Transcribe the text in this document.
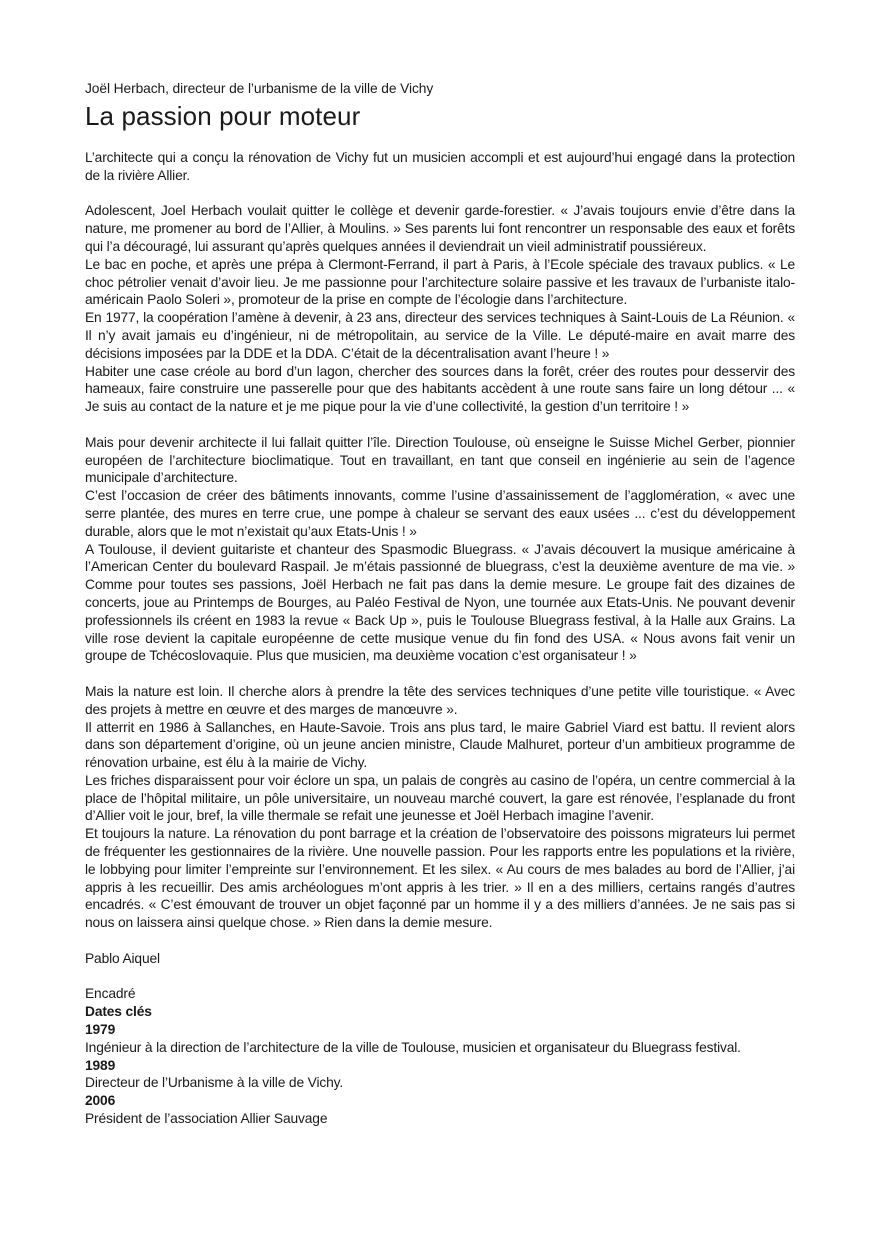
Joël Herbach, directeur de l’urbanisme de la ville de Vichy

La passion pour moteur

L’architecte qui a conçu la rénovation de Vichy fut un musicien accompli et est aujourd’hui engagé dans la protection de la rivière Allier.

Adolescent, Joel Herbach voulait quitter le collège et devenir garde-forestier. « J’avais toujours envie d’être dans la nature, me promener au bord de l’Allier, à Moulins. » Ses parents lui font rencontrer un responsable des eaux et forêts qui l’a découragé, lui assurant qu’après quelques années il deviendrait un vieil administratif poussiéreux.

Le bac en poche, et après une prépa à Clermont-Ferrand, il part à Paris, à l’Ecole spéciale des travaux publics. « Le choc pétrolier venait d’avoir lieu. Je me passionne pour l’architecture solaire passive et les travaux de l’urbaniste italo-américain Paolo Soleri », promoteur de la prise en compte de l’écologie dans l’architecture.

En 1977, la coopération l’amène à devenir, à 23 ans, directeur des services techniques à Saint-Louis de La Réunion. « Il n’y avait jamais eu d’ingénieur, ni de métropolitain, au service de la Ville. Le député-maire en avait marre des décisions imposées par la DDE et la DDA. C’était de la décentralisation avant l’heure ! »

Habiter une case créole au bord d’un lagon, chercher des sources dans la forêt, créer des routes pour desservir des hameaux, faire construire une passerelle pour que des habitants accèdent à une route sans faire un long détour ... « Je suis au contact de la nature et je me pique pour la vie d’une collectivité, la gestion d’un territoire ! »

Mais pour devenir architecte il lui fallait quitter l’île. Direction Toulouse, où enseigne le Suisse Michel Gerber, pionnier européen de l’architecture bioclimatique. Tout en travaillant, en tant que conseil en ingénierie au sein de l’agence municipale d’architecture.

C’est l’occasion de créer des bâtiments innovants, comme l’usine d’assainissement de l’agglomération, « avec une serre plantée, des mures en terre crue, une pompe à chaleur se servant des eaux usées ... c’est du développement durable, alors que le mot n’existait qu’aux Etats-Unis ! »

A Toulouse, il devient guitariste et chanteur des Spasmodic Bluegrass. « J’avais découvert la musique américaine à l’American Center du boulevard Raspail. Je m’étais passionné de bluegrass, c’est la deuxième aventure de ma vie. » Comme pour toutes ses passions, Joël Herbach ne fait pas dans la demie mesure. Le groupe fait des dizaines de concerts, joue au Printemps de Bourges, au Paléo Festival de Nyon, une tournée aux Etats-Unis. Ne pouvant devenir professionnels ils créent en 1983 la revue « Back Up », puis le Toulouse Bluegrass festival, à la Halle aux Grains. La ville rose devient la capitale européenne de cette musique venue du fin fond des USA. « Nous avons fait venir un groupe de Tchécoslovaquie. Plus que musicien, ma deuxième vocation c’est organisateur ! »

Mais la nature est loin. Il cherche alors à prendre la tête des services techniques d’une petite ville touristique. « Avec des projets à mettre en œuvre et des marges de manœuvre ».

Il atterrit en 1986 à Sallanches, en Haute-Savoie. Trois ans plus tard, le maire Gabriel Viard est battu. Il revient alors dans son département d’origine, où un jeune ancien ministre, Claude Malhuret, porteur d’un ambitieux programme de rénovation urbaine, est élu à la mairie de Vichy.

Les friches disparaissent pour voir éclore un spa, un palais de congrès au casino de l’opéra, un centre commercial à la place de l’hôpital militaire, un pôle universitaire, un nouveau marché couvert, la gare est rénovée, l’esplanade du front d’Allier voit le jour, bref, la ville thermale se refait une jeunesse et Joël Herbach imagine l’avenir.

Et toujours la nature. La rénovation du pont barrage et la création de l’observatoire des poissons migrateurs lui permet de fréquenter les gestionnaires de la rivière. Une nouvelle passion. Pour les rapports entre les populations et la rivière, le lobbying pour limiter l’empreinte sur l’environnement. Et les silex. « Au cours de mes balades au bord de l’Allier, j’ai appris à les recueillir. Des amis archéologues m’ont appris à les trier. » Il en a des milliers, certains rangés d’autres encadrés. « C’est émouvant de trouver un objet façonné par un homme il y a des milliers d’années. Je ne sais pas si nous on laissera ainsi quelque chose. » Rien dans la demie mesure.

Pablo Aiquel

Encadré

Dates clés

1979

Ingénieur à la direction de l’architecture de la ville de Toulouse, musicien et organisateur du Bluegrass festival.

1989

Directeur de l’Urbanisme à la ville de Vichy.

2006

Président de l’association Allier Sauvage
